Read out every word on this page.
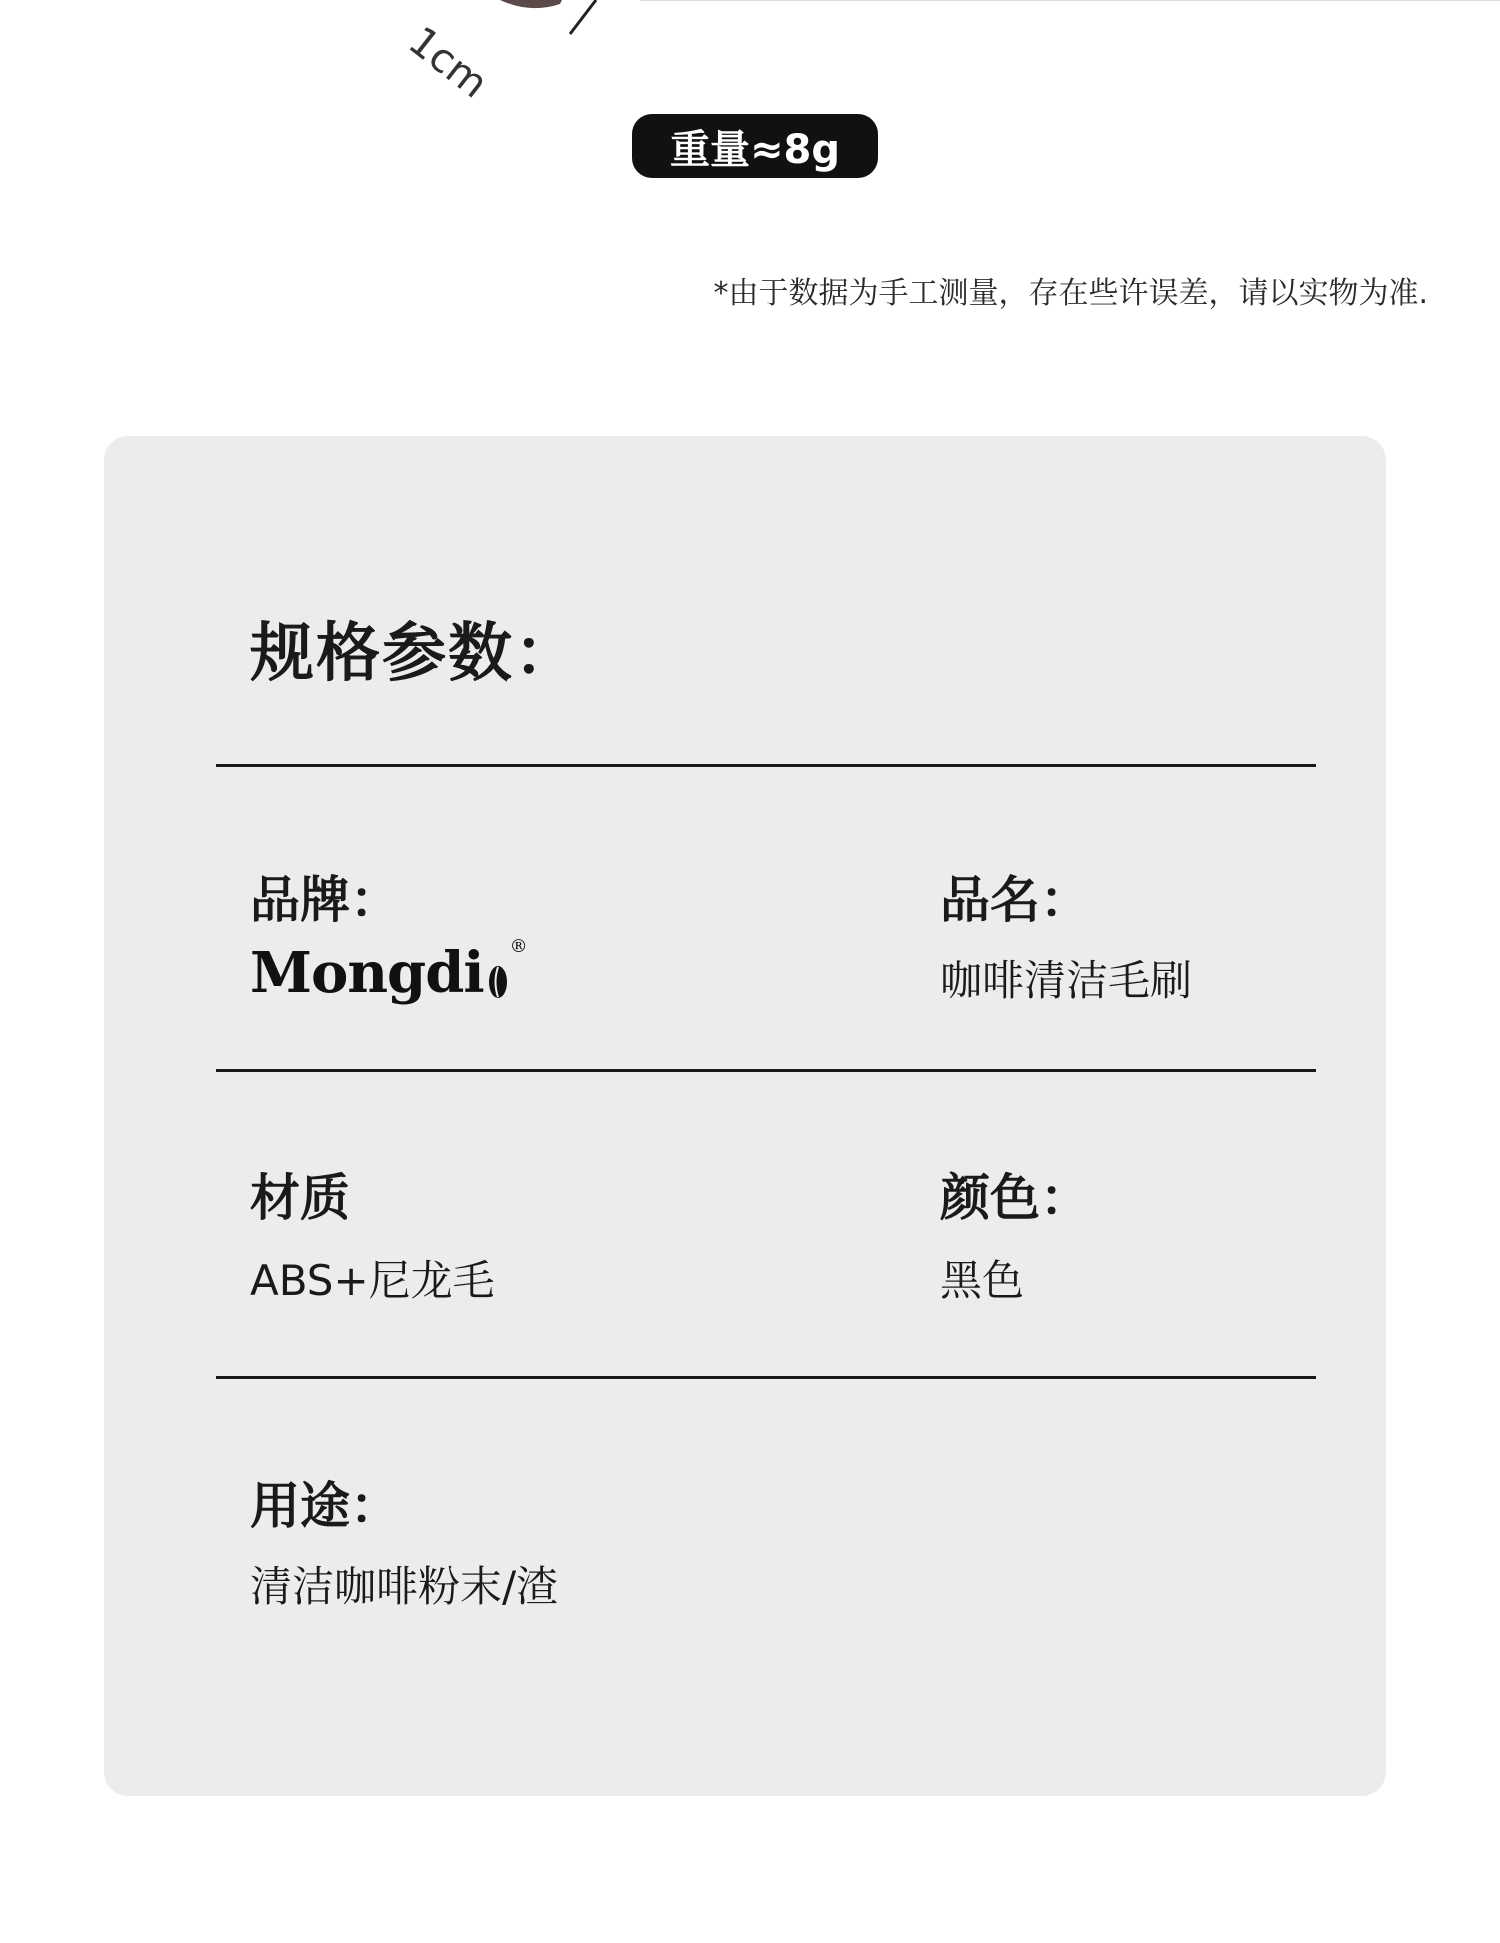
1cm
重量≈8g
*由于数据为手工测量，存在些许误差，请以实物为准.
规格参数：
品牌：
Mongdi ®
品名：
咖啡清洁毛刷
材质
ABS+尼龙毛
颜色：
黑色
用途：
清洁咖啡粉末/渣
